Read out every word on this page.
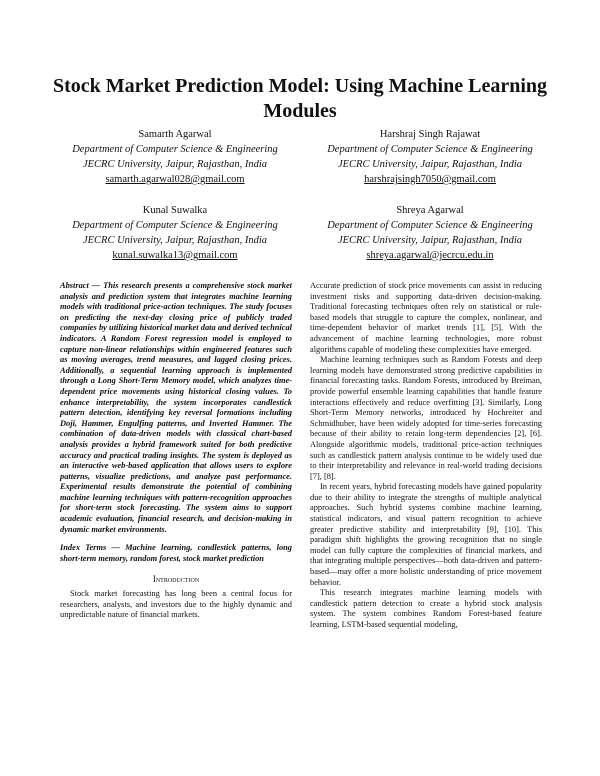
Stock Market Prediction Model: Using Machine Learning Modules
Samarth Agarwal
Department of Computer Science & Engineering
JECRC University, Jaipur, Rajasthan, India
samarth.agarwal028@gmail.com
Harshraj Singh Rajawat
Department of Computer Science & Engineering
JECRC University, Jaipur, Rajasthan, India
harshrajsingh7050@gmail.com
Kunal Suwalka
Department of Computer Science & Engineering
JECRC University, Jaipur, Rajasthan, India
kunal.suwalka13@gmail.com
Shreya Agarwal
Department of Computer Science & Engineering
JECRC University, Jaipur, Rajasthan, India
shreya.agarwal@jecrcu.edu.in

Abstract — This research presents a comprehensive stock market analysis and prediction system that integrates machine learning models with traditional price-action techniques. The study focuses on predicting the next-day closing price of publicly traded companies by utilizing historical market data and derived technical indicators. A Random Forest regression model is employed to capture non-linear relationships within engineered features such as moving averages, trend measures, and lagged closing prices. Additionally, a sequential learning approach is implemented through a Long Short-Term Memory model, which analyzes time-dependent price movements using historical closing values. To enhance interpretability, the system incorporates candlestick pattern detection, identifying key reversal formations including Doji, Hammer, Engulfing patterns, and Inverted Hammer. The combination of data-driven models with classical chart-based analysis provides a hybrid framework suited for both predictive accuracy and practical trading insights. The system is deployed as an interactive web-based application that allows users to explore patterns, visualize predictions, and analyze past performance. Experimental results demonstrate the potential of combining machine learning techniques with pattern-recognition approaches for short-term stock forecasting. The system aims to support academic evaluation, financial research, and decision-making in dynamic market environments.

Index Terms — Machine learning, candlestick patterns, long short-term memory, random forest, stock market prediction

Introduction

Stock market forecasting has long been a central focus for researchers, analysts, and investors due to the highly dynamic and unpredictable nature of financial markets.

Accurate prediction of stock price movements can assist in reducing investment risks and supporting data-driven decision-making. Traditional forecasting techniques often rely on statistical or rule-based models that struggle to capture the complex, nonlinear, and time-dependent behavior of market trends [1], [5]. With the advancement of machine learning technologies, more robust algorithms capable of modeling these complexities have emerged.

Machine learning techniques such as Random Forests and deep learning models have demonstrated strong predictive capabilities in financial forecasting tasks. Random Forests, introduced by Breiman, provide powerful ensemble learning capabilities that handle feature interactions effectively and reduce overfitting [3]. Similarly, Long Short-Term Memory networks, introduced by Hochreiter and Schmidhuber, have been widely adopted for time-series forecasting because of their ability to retain long-term dependencies [2], [6]. Alongside algorithmic models, traditional price-action techniques such as candlestick pattern analysis continue to be widely used due to their interpretability and relevance in real-world trading decisions [7], [8].

In recent years, hybrid forecasting models have gained popularity due to their ability to integrate the strengths of multiple analytical approaches. Such hybrid systems combine machine learning, statistical indicators, and visual pattern recognition to achieve greater predictive stability and interpretability [9], [10]. This paradigm shift highlights the growing recognition that no single model can fully capture the complexities of financial markets, and that integrating multiple perspectives—both data-driven and pattern-based—may offer a more holistic understanding of price movement behavior.

This research integrates machine learning models with candlestick pattern detection to create a hybrid stock analysis system. The system combines Random Forest-based feature learning, LSTM-based sequential modeling,
